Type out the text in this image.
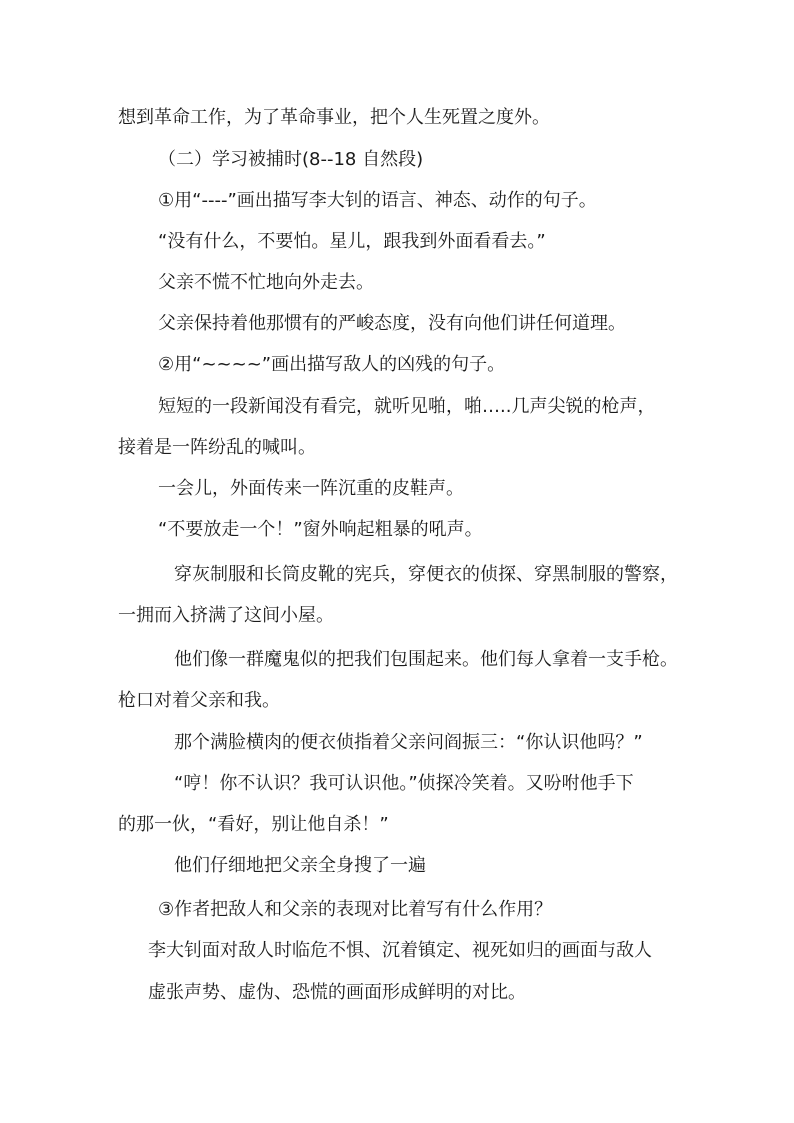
想到革命工作，为了革命事业，把个人生死置之度外。

（二）学习被捕时(8--18 自然段)

①用“----”画出描写李大钊的语言、神态、动作的句子。

“没有什么，不要怕。星儿，跟我到外面看看去。”

父亲不慌不忙地向外走去。

父亲保持着他那惯有的严峻态度，没有向他们讲任何道理。

②用“~~~~”画出描写敌人的凶残的句子。

短短的一段新闻没有看完，就听见啪，啪…..几声尖锐的枪声，

接着是一阵纷乱的喊叫。

一会儿，外面传来一阵沉重的皮鞋声。

“不要放走一个！”窗外响起粗暴的吼声。

穿灰制服和长筒皮靴的宪兵，穿便衣的侦探、穿黑制服的警察，

一拥而入挤满了这间小屋。

他们像一群魔鬼似的把我们包围起来。他们每人拿着一支手枪。

枪口对着父亲和我。

那个满脸横肉的便衣侦指着父亲问阎振三：“你认识他吗？”

“哼！你不认识？我可认识他。”侦探冷笑着。又吩咐他手下

的那一伙，“看好，别让他自杀！”

他们仔细地把父亲全身搜了一遍

③作者把敌人和父亲的表现对比着写有什么作用？

李大钊面对敌人时临危不惧、沉着镇定、视死如归的画面与敌人

虚张声势、虚伪、恐慌的画面形成鲜明的对比。
